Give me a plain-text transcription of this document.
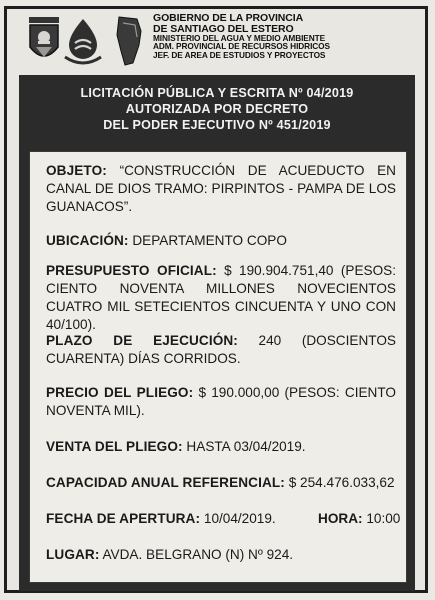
GOBIERNO DE LA PROVINCIA
DE SANTIAGO DEL ESTERO
MINISTERIO DEL AGUA Y MEDIO AMBIENTE
ADM. PROVINCIAL DE RECURSOS HIDRICOS
JEF. DE AREA DE ESTUDIOS Y PROYECTOS
LICITACIÓN PÚBLICA Y ESCRITA Nº 04/2019
AUTORIZADA POR DECRETO
DEL PODER EJECUTIVO Nº 451/2019
OBJETO: “CONSTRUCCIÓN DE ACUEDUCTO EN CANAL DE DIOS TRAMO: PIRPINTOS - PAMPA DE LOS GUANACOS”.
UBICACIÓN: DEPARTAMENTO COPO
PRESUPUESTO OFICIAL: $ 190.904.751,40 (PESOS: CIENTO NOVENTA MILLONES NOVECIENTOS CUATRO MIL SETECIENTOS CINCUENTA Y UNO CON 40/100).
PLAZO DE EJECUCIÓN: 240 (DOSCIENTOS CUARENTA) DÍAS CORRIDOS.
PRECIO DEL PLIEGO: $ 190.000,00 (PESOS: CIENTO NOVENTA MIL).
VENTA DEL PLIEGO: HASTA 03/04/2019.
CAPACIDAD ANUAL REFERENCIAL: $ 254.476.033,62
FECHA DE APERTURA: 10/04/2019.	HORA: 10:00
LUGAR: AVDA. BELGRANO (N) Nº 924.
